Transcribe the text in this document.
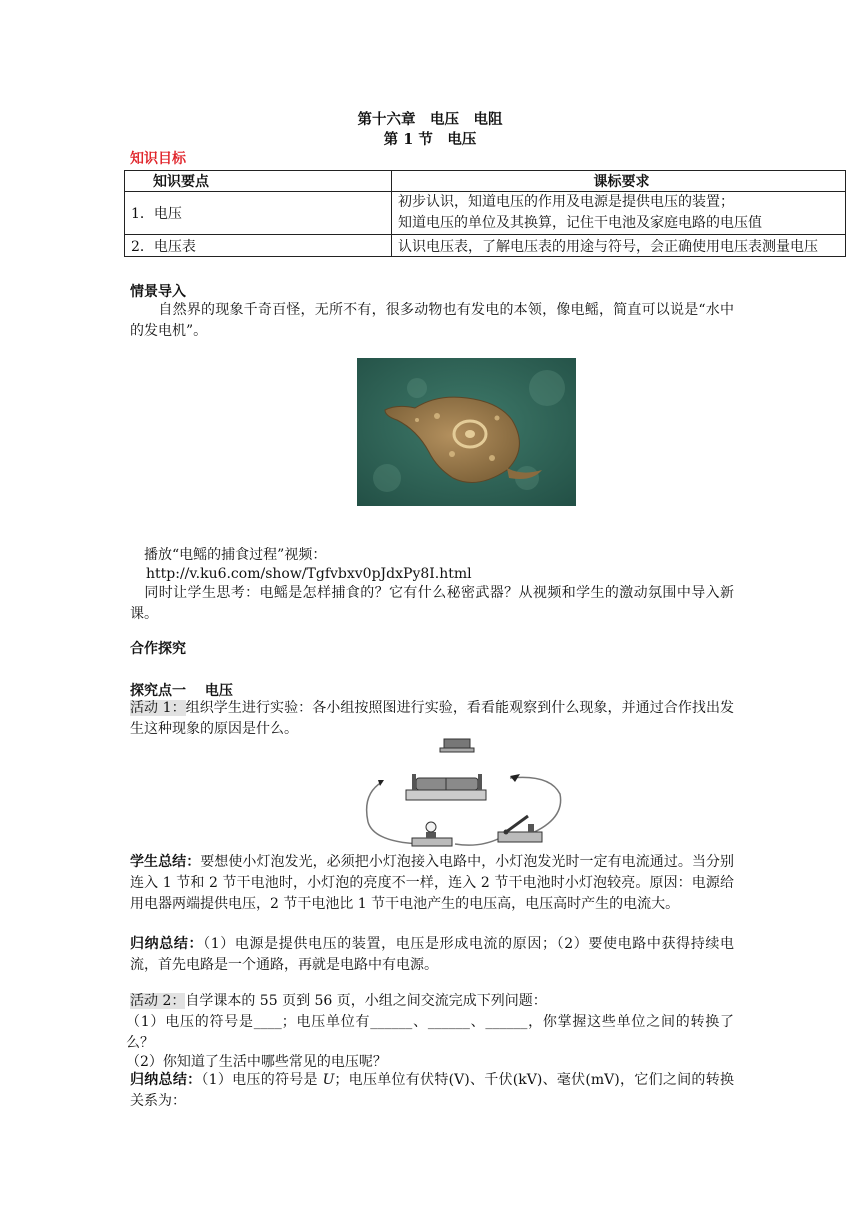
第十六章　电压　电阻
第 1 节　电压
知识目标
知识要点	课标要求
1．电压	初步认识，知道电压的作用及电源是提供电压的装置；
知道电压的单位及其换算，记住干电池及家庭电路的电压值

2．电压表	认识电压表，了解电压表的用途与符号，会正确使用电压表测量电压
情景导入

　　自然界的现象千奇百怪，无所不有，很多动物也有发电的本领，像电鳐，简直可以说是“水中的发电机”。

　播放“电鳐的捕食过程”视频：

http://v.ku6.com/show/Tgfvbxv0pJdxPy8I.html

　同时让学生思考：电鳐是怎样捕食的？它有什么秘密武器？从视频和学生的激动氛围中导入新课。

合作探究
探究点一　 电压

活动 1：组织学生进行实验：各小组按照图进行实验，看看能观察到什么现象，并通过合作找出发生这种现象的原因是什么。

学生总结：要想使小灯泡发光，必须把小灯泡接入电路中，小灯泡发光时一定有电流通过。当分别连入 1 节和 2 节干电池时，小灯泡的亮度不一样，连入 2 节干电池时小灯泡较亮。原因：电源给用电器两端提供电压，2 节干电池比 1 节干电池产生的电压高，电压高时产生的电流大。

归纳总结：（1）电源是提供电压的装置，电压是形成电流的原因；（2）要使电路中获得持续电流，首先电路是一个通路，再就是电路中有电源。

活动 2：自学课本的 55 页到 56 页，小组之间交流完成下列问题：

（1）电压的符号是____；电压单位有______、______、______，你掌握这些单位之间的转换了么？

（2）你知道了生活中哪些常见的电压呢？

归纳总结：（1）电压的符号是 U；电压单位有伏特(V)、千伏(kV)、毫伏(mV)，它们之间的转换关系为：
